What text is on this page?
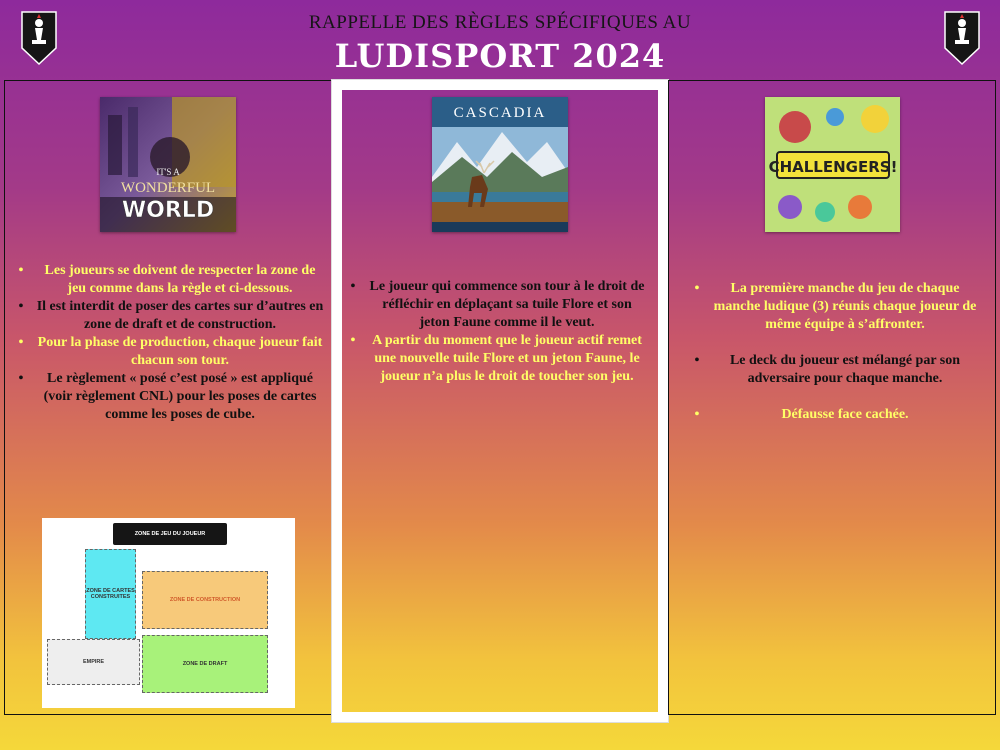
RAPPELLE DES RÈGLES SPÉCIFIQUES AU
LUDISPORT 2024
IT'S A
WONDERFUL
WORLD
CASCADIA
CHALLENGERS!
•	Les joueurs se doivent de respecter la zone de jeu comme dans la règle et ci-dessous.
• Il est interdit de poser des cartes sur d’autres en zone de draft et de construction.
•	Pour la phase de production, chaque joueur fait chacun son tour.
•	Le règlement « posé c’est posé » est appliqué (voir règlement CNL) pour les poses de cartes comme les poses de cube.
ZONE DE JEU DU JOUEUR
ZONE DE CARTES CONSTRUITES	ZONE DE CONSTRUCTION
EMPIRE	ZONE DE DRAFT
•	Le joueur qui commence son tour à le droit de réfléchir en déplaçant sa tuile Flore et son jeton Faune comme il le veut.
•	A partir du moment que le joueur actif remet une nouvelle tuile Flore et un jeton Faune, le joueur n’a plus le droit de toucher son jeu.
•	La première manche du jeu de chaque manche ludique (3) réunis chaque joueur de même équipe à s’affronter.
•	Le deck du joueur est mélangé par son adversaire pour chaque manche.
•	Défausse face cachée.
